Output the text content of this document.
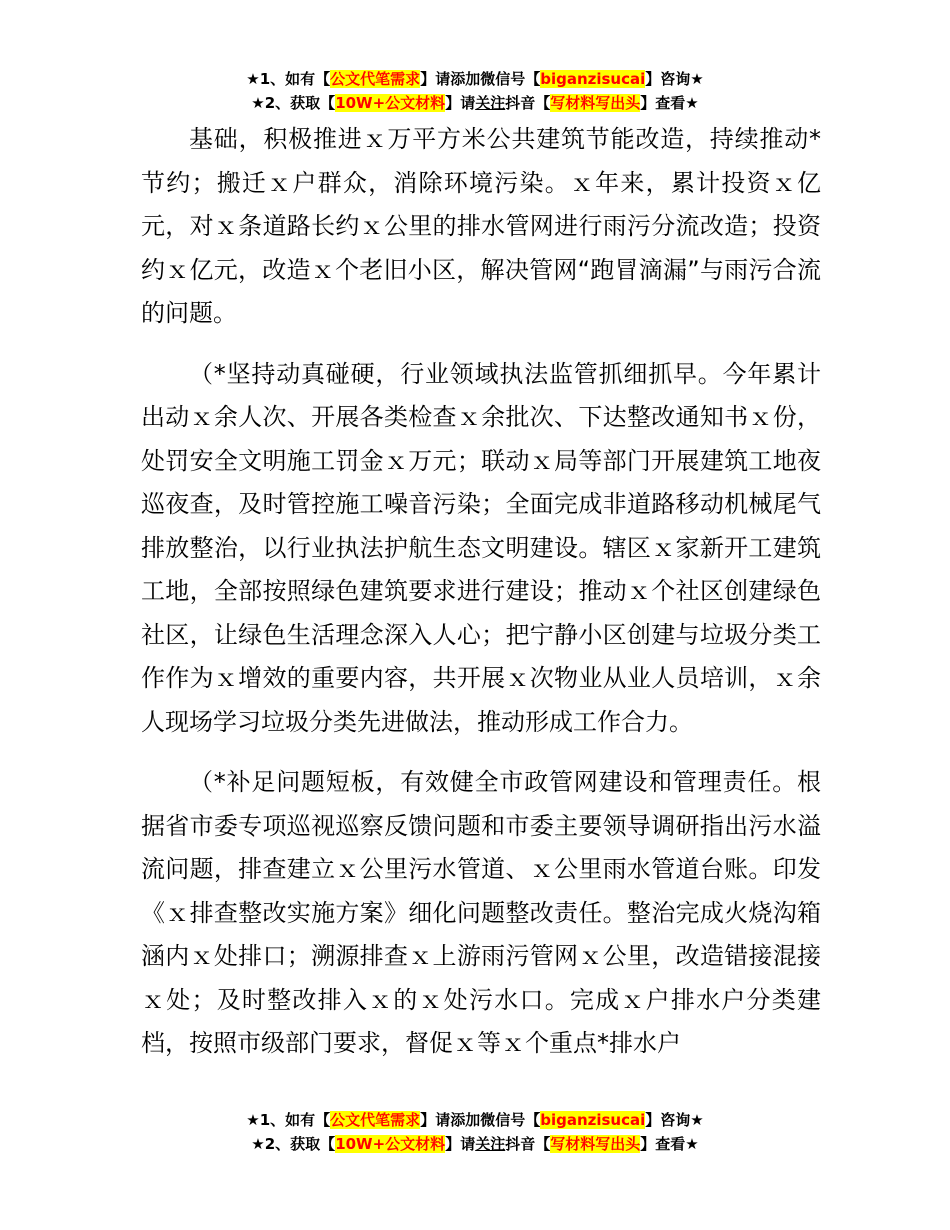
★1、如有【公文代笔需求】请添加微信号【biganzisucai】咨询★
★2、获取【10W+公文材料】请关注抖音【写材料写出头】查看★

基础，积极推进ｘ万平方米公共建筑节能改造，持续推动*节约；搬迁ｘ户群众，消除环境污染。ｘ年来，累计投资ｘ亿元，对ｘ条道路长约ｘ公里的排水管网进行雨污分流改造；投资约ｘ亿元，改造ｘ个老旧小区，解决管网“跑冒滴漏”与雨污合流的问题。

（*坚持动真碰硬，行业领域执法监管抓细抓早。今年累计出动ｘ余人次、开展各类检查ｘ余批次、下达整改通知书ｘ份，处罚安全文明施工罚金ｘ万元；联动ｘ局等部门开展建筑工地夜巡夜查，及时管控施工噪音污染；全面完成非道路移动机械尾气排放整治，以行业执法护航生态文明建设。辖区ｘ家新开工建筑工地，全部按照绿色建筑要求进行建设；推动ｘ个社区创建绿色社区，让绿色生活理念深入人心；把宁静小区创建与垃圾分类工作作为ｘ增效的重要内容，共开展ｘ次物业从业人员培训，ｘ余人现场学习垃圾分类先进做法，推动形成工作合力。

（*补足问题短板，有效健全市政管网建设和管理责任。根据省市委专项巡视巡察反馈问题和市委主要领导调研指出污水溢流问题，排查建立ｘ公里污水管道、ｘ公里雨水管道台账。印发《ｘ排查整改实施方案》细化问题整改责任。整治完成火烧沟箱涵内ｘ处排口；溯源排查ｘ上游雨污管网ｘ公里，改造错接混接ｘ处；及时整改排入ｘ的ｘ处污水口。完成ｘ户排水户分类建档，按照市级部门要求，督促ｘ等ｘ个重点*排水户

★1、如有【公文代笔需求】请添加微信号【biganzisucai】咨询★
★2、获取【10W+公文材料】请关注抖音【写材料写出头】查看★
